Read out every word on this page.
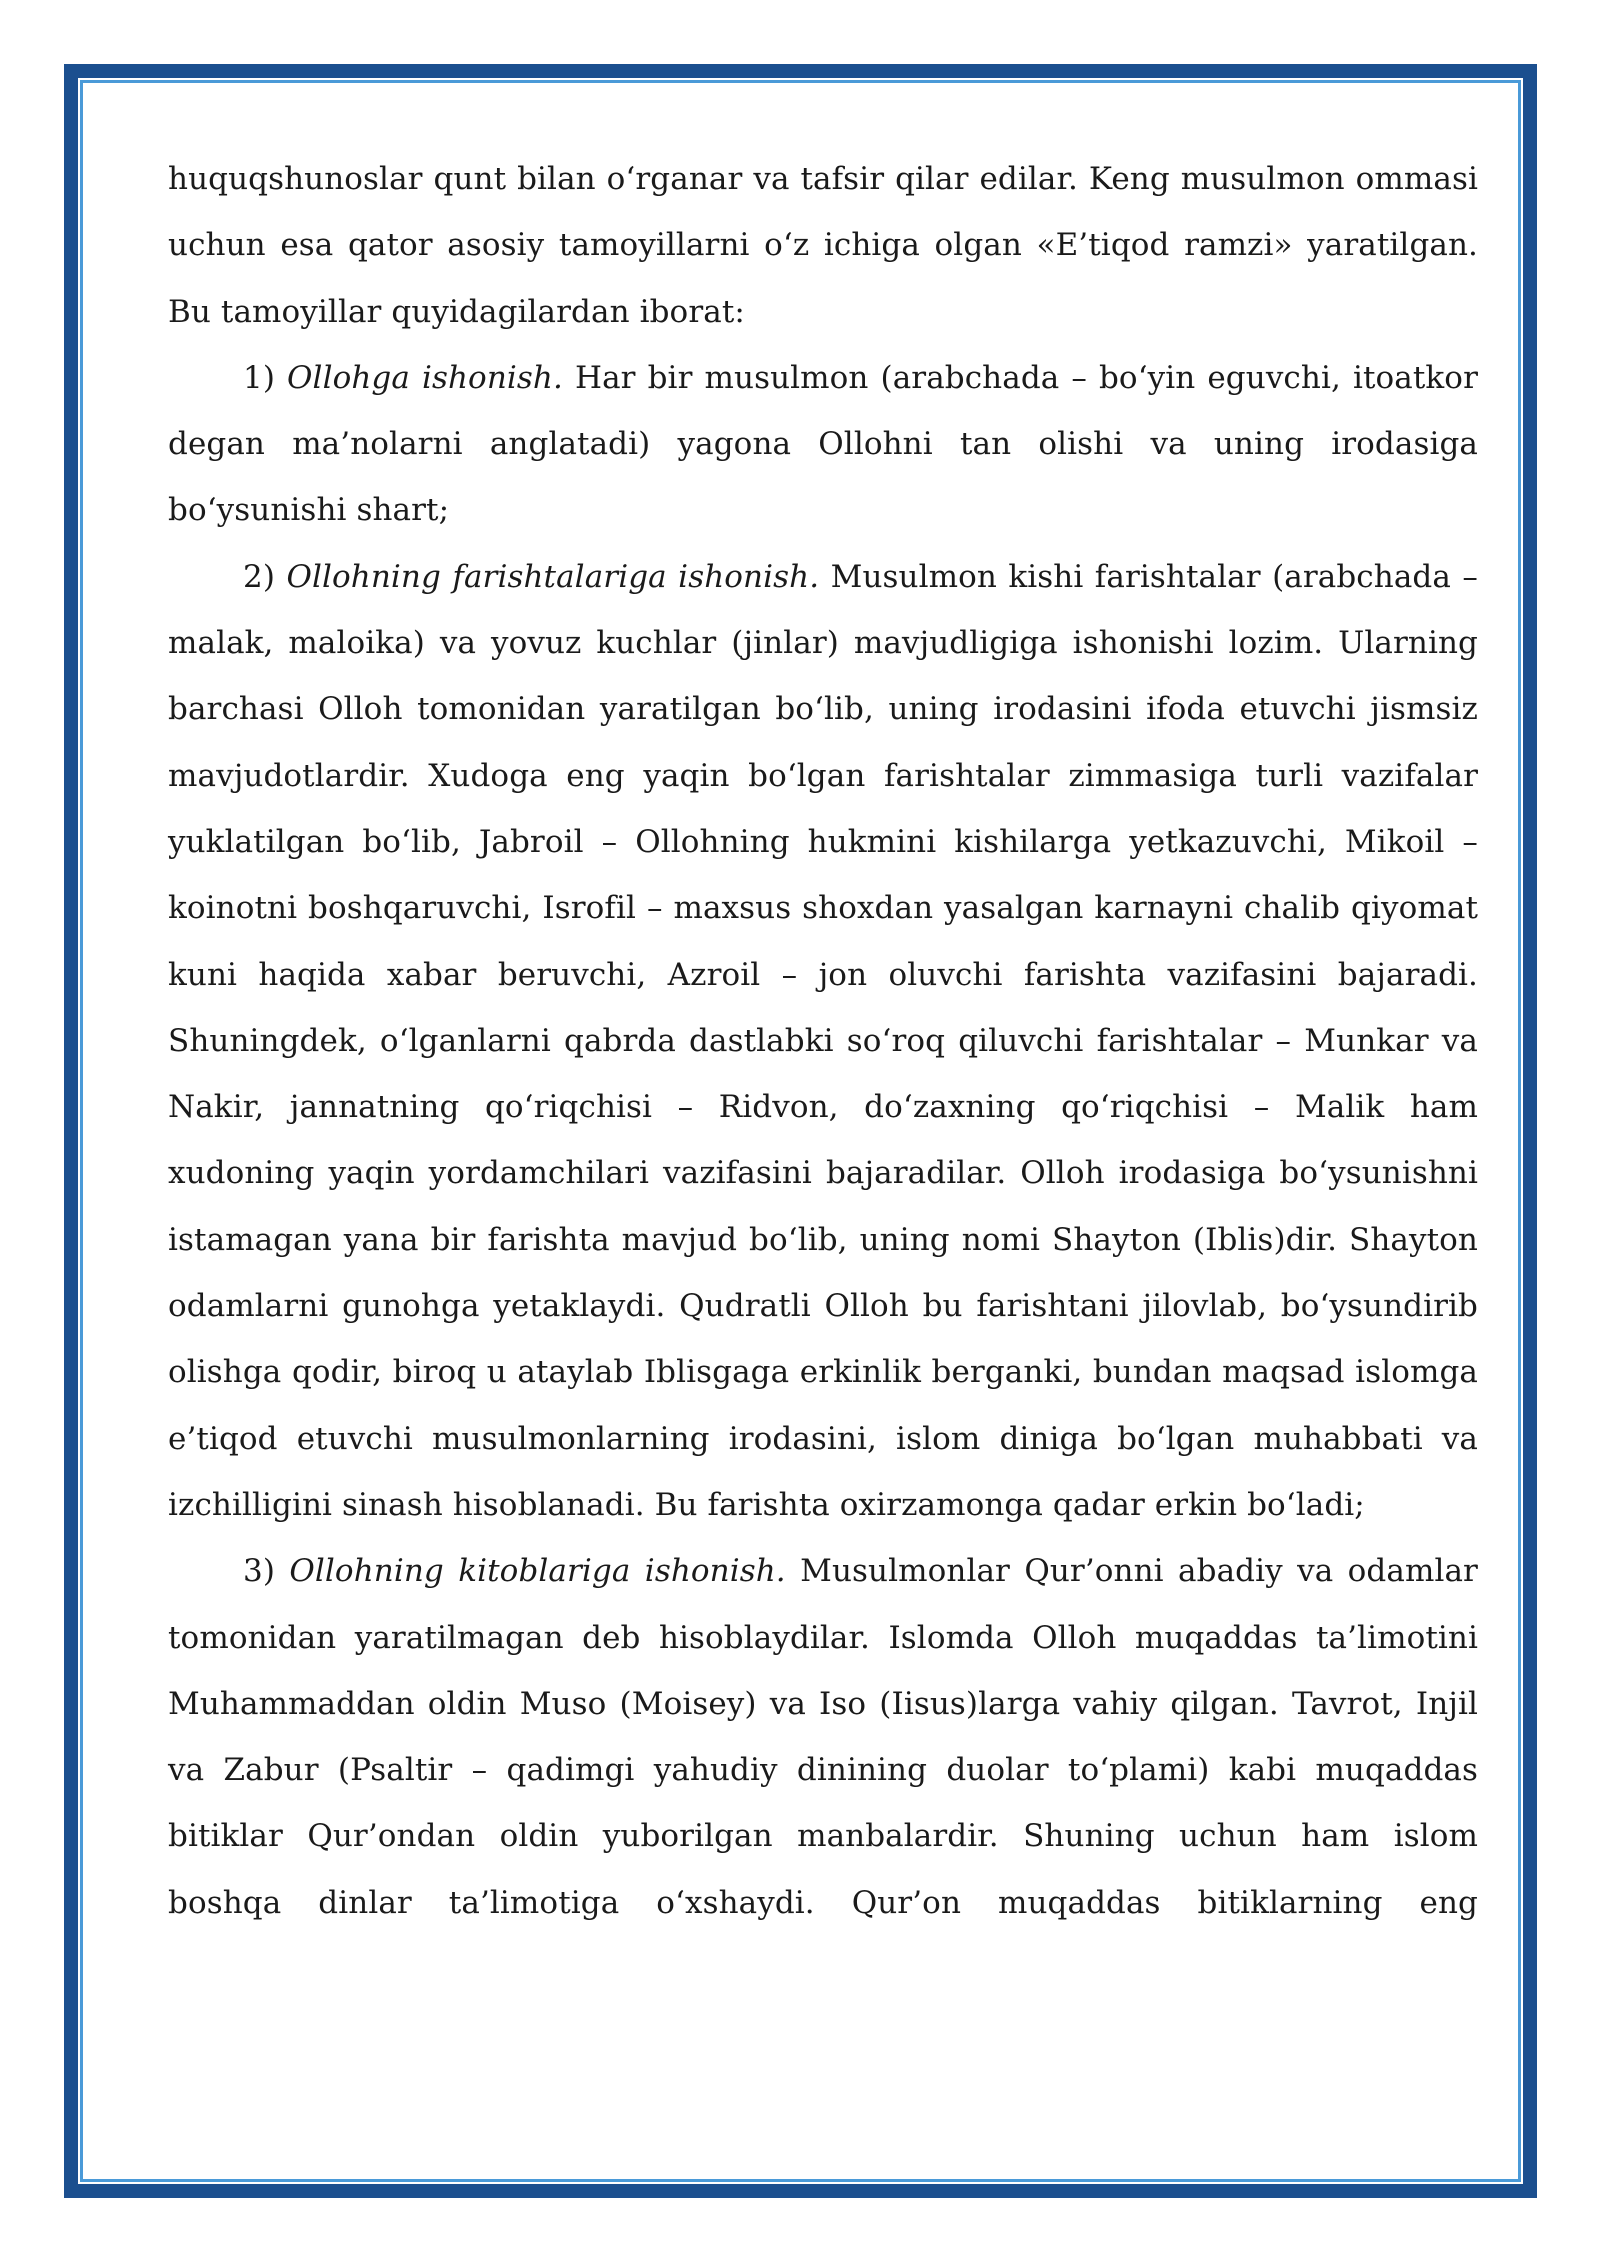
huquqshunoslar qunt bilan o‘rganar va tafsir qilar edilar. Keng musulmon ommasi uchun esa qator asosiy tamoyillarni o‘z ichiga olgan «E’tiqod ramzi» yaratilgan. Bu tamoyillar quyidagilardan iborat:

1) Ollohga ishonish. Har bir musulmon (arabchada – bo‘yin eguvchi, itoatkor degan ma’nolarni anglatadi) yagona Ollohni tan olishi va uning irodasiga bo‘ysunishi shart;

2) Ollohning farishtalariga ishonish. Musulmon kishi farishtalar (arabchada – malak, maloika) va yovuz kuchlar (jinlar) mavjudligiga ishonishi lozim. Ularning barchasi Olloh tomonidan yaratilgan bo‘lib, uning irodasini ifoda etuvchi jismsiz mavjudotlardir. Xudoga eng yaqin bo‘lgan farishtalar zimmasiga turli vazifalar yuklatilgan bo‘lib, Jabroil – Ollohning hukmini kishilarga yetkazuvchi, Mikoil – koinotni boshqaruvchi, Isrofil – maxsus shoxdan yasalgan karnayni chalib qiyomat kuni haqida xabar beruvchi, Azroil – jon oluvchi farishta vazifasini bajaradi. Shuningdek, o‘lganlarni qabrda dastlabki so‘roq qiluvchi farishtalar – Munkar va Nakir, jannatning qo‘riqchisi – Ridvon, do‘zaxning qo‘riqchisi – Malik ham xudoning yaqin yordamchilari vazifasini bajaradilar. Olloh irodasiga bo‘ysunishni istamagan yana bir farishta mavjud bo‘lib, uning nomi Shayton (Iblis)dir. Shayton odamlarni gunohga yetaklaydi. Qudratli Olloh bu farishtani jilovlab, bo‘ysundirib olishga qodir, biroq u ataylab Iblisgaga erkinlik berganki, bundan maqsad islomga e’tiqod etuvchi musulmonlarning irodasini, islom diniga bo‘lgan muhabbati va izchilligini sinash hisoblanadi. Bu farishta oxirzamonga qadar erkin bo‘ladi;

3) Ollohning kitoblariga ishonish. Musulmonlar Qur’onni abadiy va odamlar tomonidan yaratilmagan deb hisoblaydilar. Islomda Olloh muqaddas ta’limotini Muhammaddan oldin Muso (Moisey) va Iso (Iisus)larga vahiy qilgan. Tavrot, Injil va Zabur (Psaltir – qadimgi yahudiy dinining duolar to‘plami) kabi muqaddas bitiklar Qur’ondan oldin yuborilgan manbalardir. Shuning uchun ham islom boshqa dinlar ta’limotiga o‘xshaydi. Qur’on muqaddas bitiklarning eng
